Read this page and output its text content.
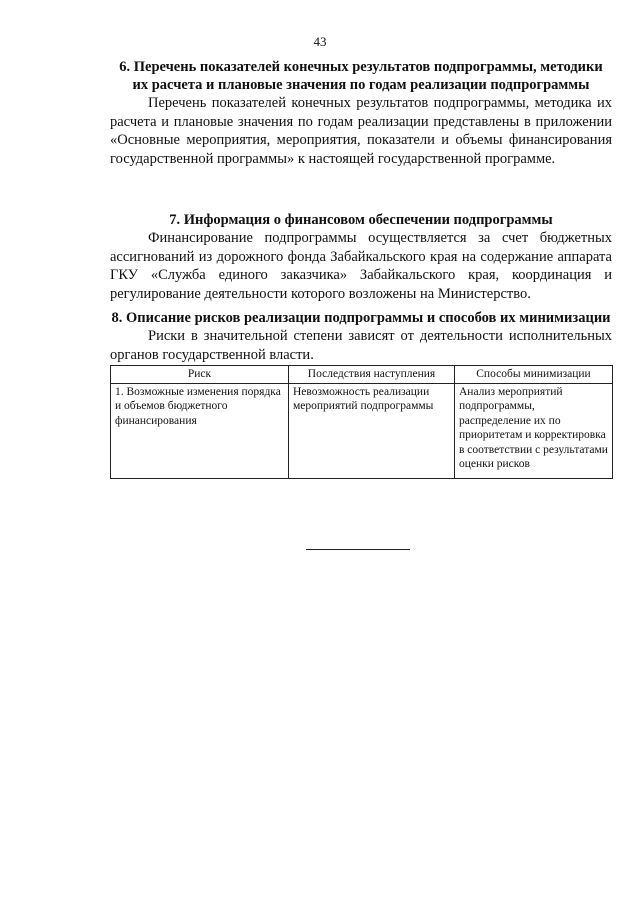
43

6. Перечень показателей конечных результатов подпрограммы, методики их расчета и плановые значения по годам реализации подпрограммы

Перечень показателей конечных результатов подпрограммы, методика их расчета и плановые значения по годам реализации представлены в приложении «Основные мероприятия, мероприятия, показатели и объемы финансирования государственной программы» к настоящей государственной программе.

7. Информация о финансовом обеспечении подпрограммы

Финансирование подпрограммы осуществляется за счет бюджетных ассигнований из дорожного фонда Забайкальского края на содержание аппарата ГКУ «Служба единого заказчика» Забайкальского края, координация и регулирование деятельности которого возложены на Министерство.

8. Описание рисков реализации подпрограммы и способов их минимизации

Риски в значительной степени зависят от деятельности исполнительных органов государственной власти.

Риск	Последствия наступления	Способы минимизации
1. Возможные изменения порядка и объемов бюджетного финансирования	Невозможность реализации мероприятий подпрограммы	Анализ мероприятий подпрограммы, распределение их по приоритетам и корректировка в соответствии с результатами оценки рисков
